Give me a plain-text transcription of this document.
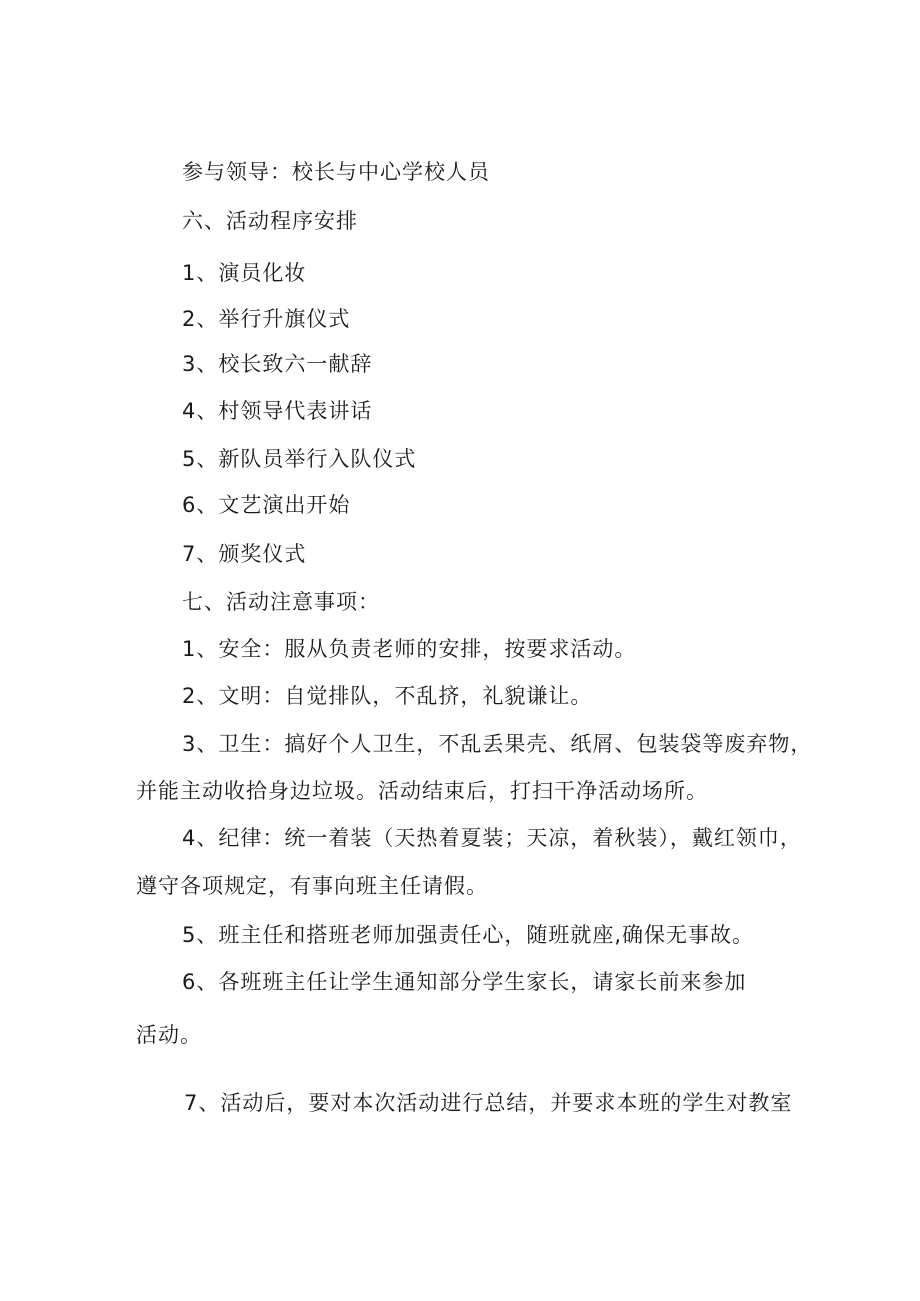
参与领导：校长与中心学校人员

六、活动程序安排

1、演员化妆

2、举行升旗仪式

3、校长致六一献辞

4、村领导代表讲话

5、新队员举行入队仪式

6、文艺演出开始

7、颁奖仪式

七、活动注意事项：

1、安全：服从负责老师的安排，按要求活动。

2、文明：自觉排队，不乱挤，礼貌谦让。

3、卫生：搞好个人卫生，不乱丢果壳、纸屑、包装袋等废弃物，

并能主动收拾身边垃圾。活动结束后，打扫干净活动场所。

4、纪律：统一着装（天热着夏装；天凉，着秋装），戴红领巾，

遵守各项规定，有事向班主任请假。

5、班主任和搭班老师加强责任心，随班就座,确保无事故。

6、各班班主任让学生通知部分学生家长，请家长前来参加

活动。

7、活动后，要对本次活动进行总结，并要求本班的学生对教室
